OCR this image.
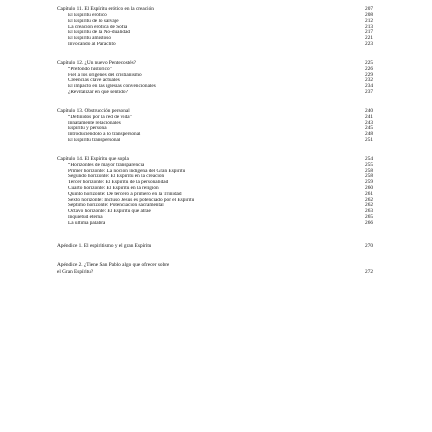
Capítulo 11. El Espíritu erótico en la creación	207
El Espíritu erótico	208
El Espíritu de lo salvaje	212
La creación erótica de Sofía	213
El Espíritu de la No-dualidad	217
El Espíritu amistoso	221
Invocando al Paráclito	223
Capítulo 12. ¿Un nuevo Pentecostés?	225
“Prefondo histórico”	226
Fiel a los orígenes del cristianismo	229
Creencias clave actuales	232
El impacto en las iglesias convencionales	234
¿Revitalizar en qué sentido?	237
Capítulo 13. Obstrucción personal	240
“Definidos por la red de vida”	241
Innatamente relacionales	243
Espíritu y persona	245
Introduciéndolo a lo transpersonal	248
El Espíritu transpersonal	251
Capítulo 14. El Espíritu que sopla	254
“Horizontes de mayor transparencia	255
Primer horizonte: La noción indígena del Gran Espíritu	258
Segundo horizonte: El Espíritu en la creación	258
Tercer horizonte: El Espíritu de la personalidad	259
Cuarto horizonte: El Espíritu en la religión	260
Quinto horizonte: De tercero a primero en la Trinidad	261
Sexto horizonte: Incluso Jesús es potenciado por el Espíritu	262
Séptimo horizonte: Potenciación sacramental	262
Octavo horizonte: El Espíritu que atrae	263
Inquietud eterna	265
La última palabra	266
Apéndice 1. El espiritismo y el gran Espíritu	270
Apéndice 2. ¿Tiene San Pablo algo que ofrecer sobre
el Gran Espíritu?	272
